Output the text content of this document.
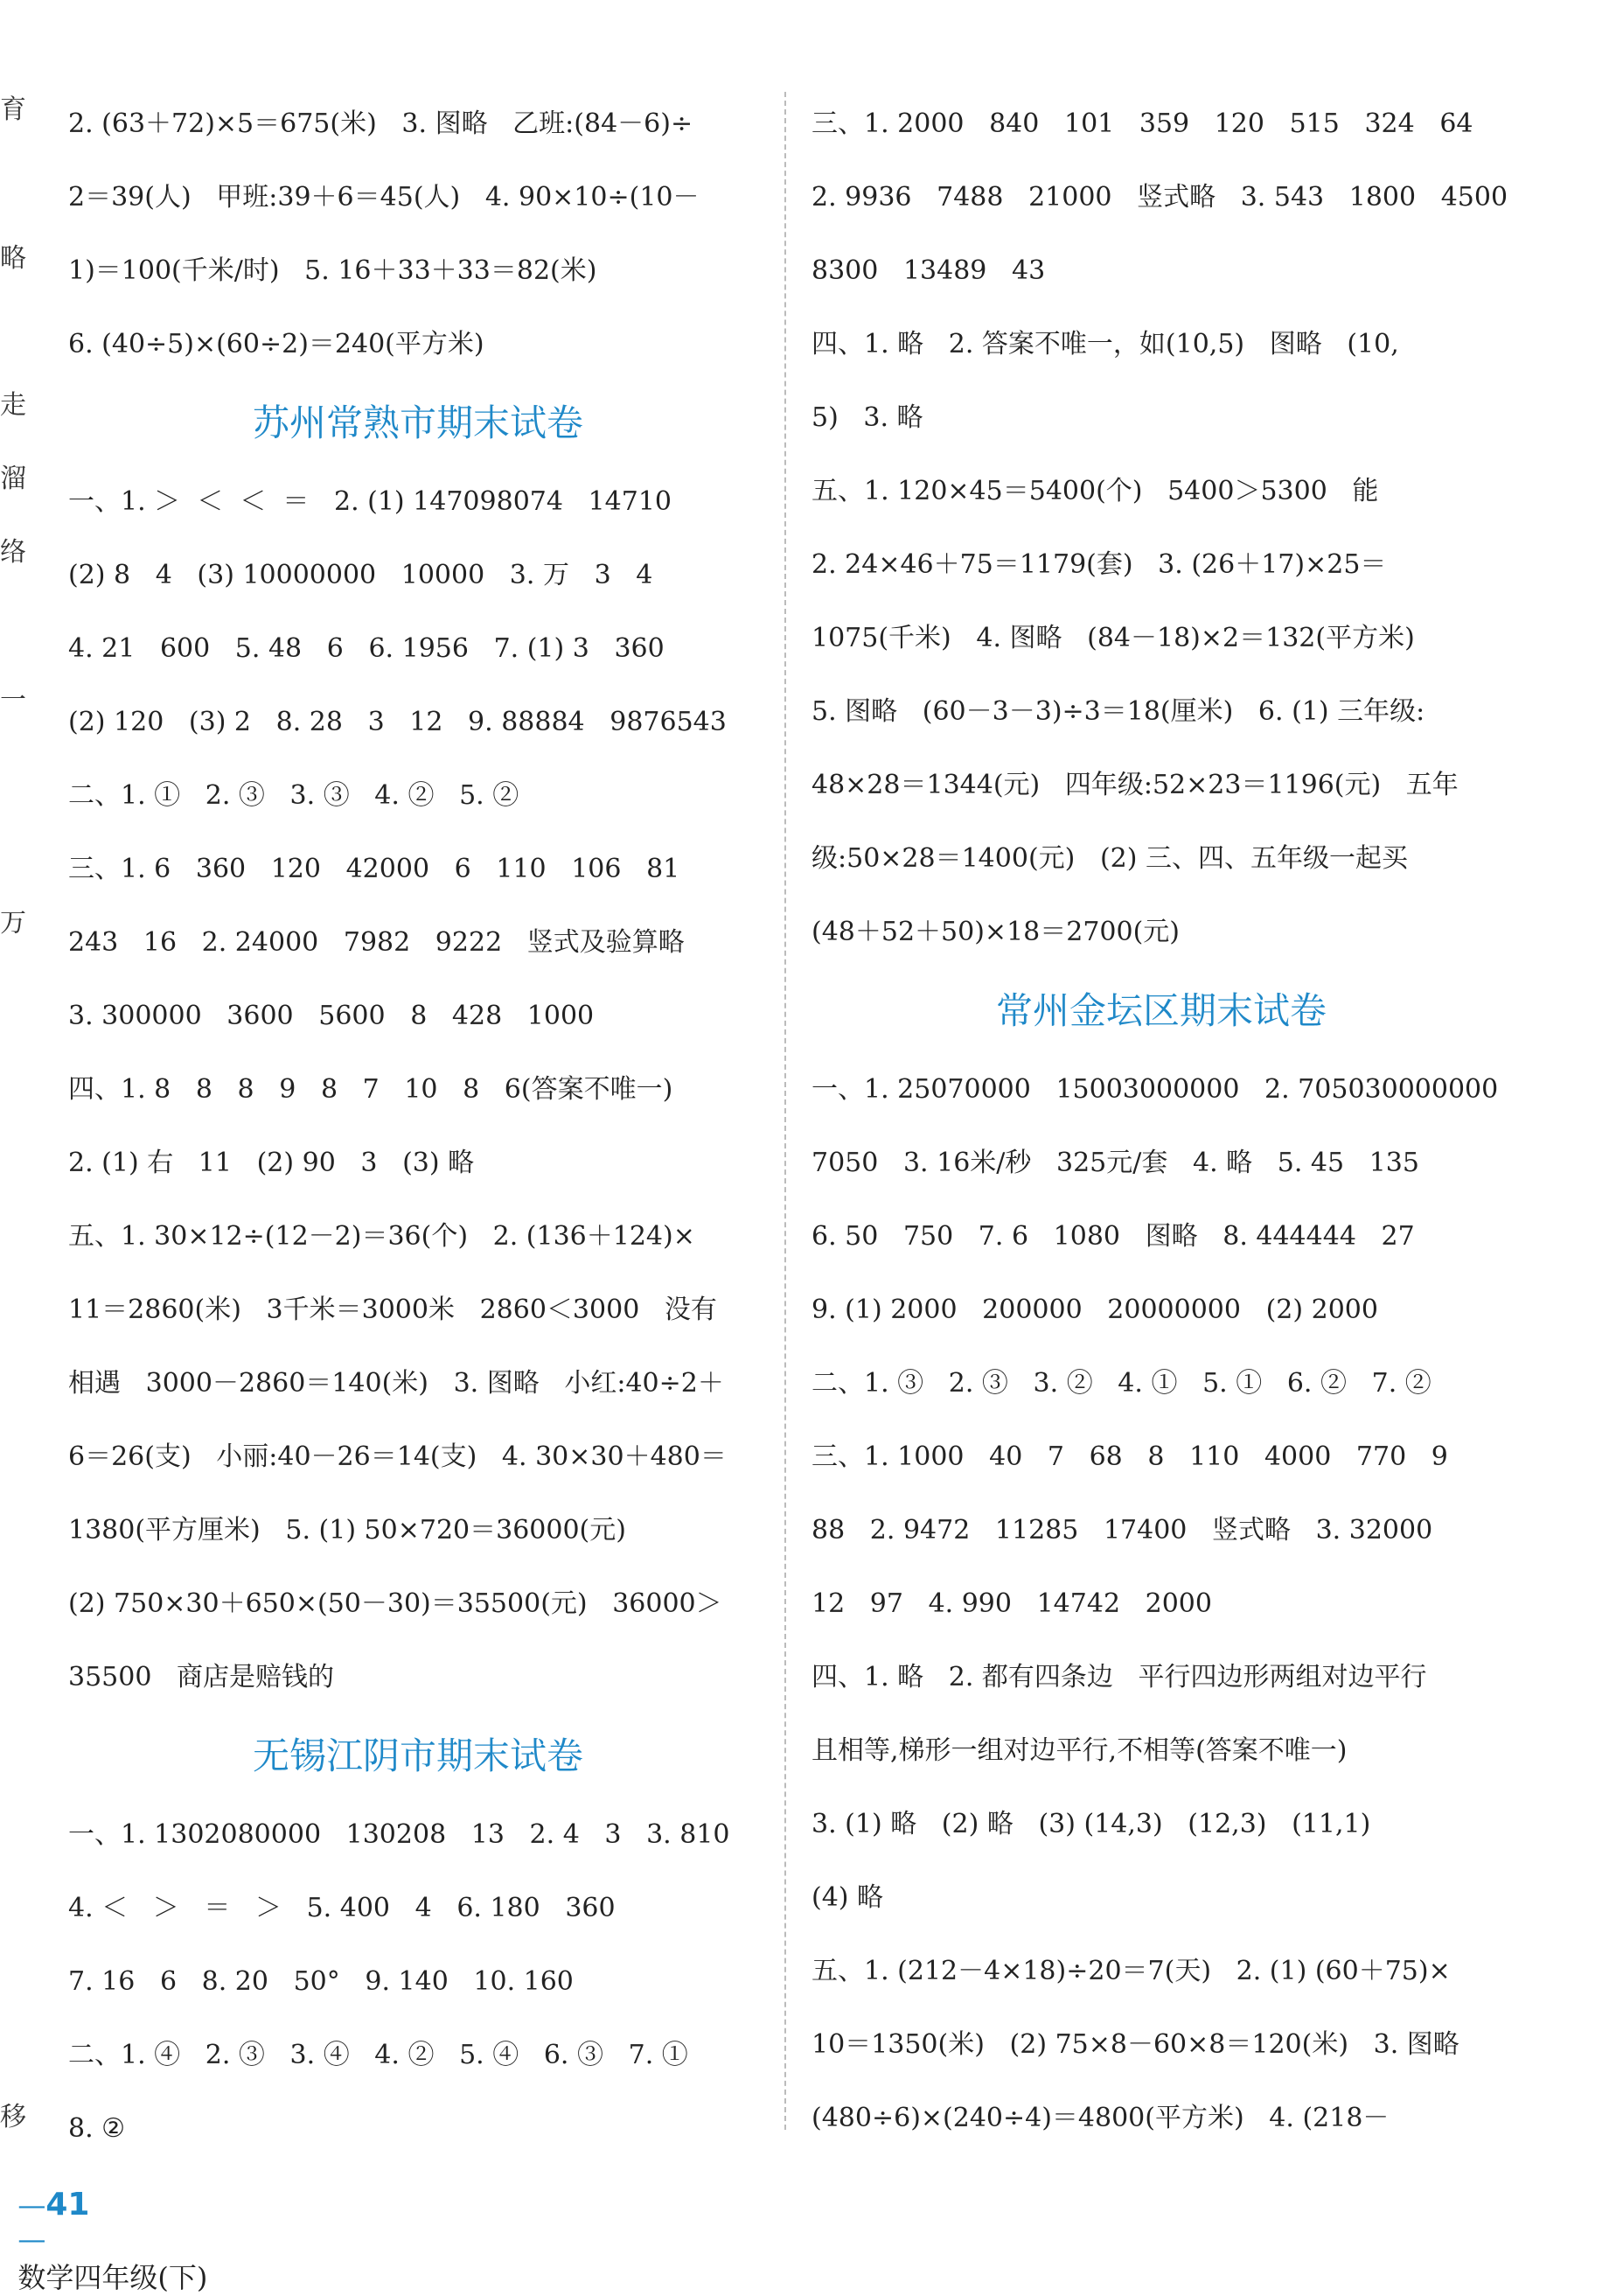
育
略
走
溜
络
一
万
移
2. (63＋72)×5＝675(米)   3. 图略   乙班:(84－6)÷
2＝39(人)   甲班:39＋6＝45(人)   4. 90×10÷(10－
1)＝100(千米/时)   5. 16＋33＋33＝82(米)
6. (40÷5)×(60÷2)＝240(平方米)
苏州常熟市期末试卷
一、1. ＞  ＜  ＜  ＝   2. (1) 147098074   14710
(2) 8   4   (3) 10000000   10000   3. 万   3   4
4. 21   600   5. 48   6   6. 1956   7. (1) 3   360
(2) 120   (3) 2   8. 28   3   12   9. 88884   9876543
二、1. ①   2. ③   3. ③   4. ②   5. ②
三、1. 6   360   120   42000   6   110   106   81
243   16   2. 24000   7982   9222   竖式及验算略
3. 300000   3600   5600   8   428   1000
四、1. 8   8   8   9   8   7   10   8   6(答案不唯一)
2. (1) 右   11   (2) 90   3   (3) 略
五、1. 30×12÷(12－2)＝36(个)   2. (136＋124)×
11＝2860(米)   3千米＝3000米   2860＜3000   没有
相遇   3000－2860＝140(米)   3. 图略   小红:40÷2＋
6＝26(支)   小丽:40－26＝14(支)   4. 30×30＋480＝
1380(平方厘米)   5. (1) 50×720＝36000(元)
(2) 750×30＋650×(50－30)＝35500(元)   36000＞
35500   商店是赔钱的
无锡江阴市期末试卷
一、1. 1302080000   130208   13   2. 4   3   3. 810
4. ＜   ＞   ＝   ＞   5. 400   4   6. 180   360
7. 16   6   8. 20   50°   9. 140   10. 160
二、1. ④   2. ③   3. ④   4. ②   5. ④   6. ③   7. ①
8. ②
三、1. 2000   840   101   359   120   515   324   64
2. 9936   7488   21000   竖式略   3. 543   1800   4500
8300   13489   43
四、1. 略   2. 答案不唯一，如(10,5)   图略   (10,
5)   3. 略
五、1. 120×45＝5400(个)   5400＞5300   能
2. 24×46＋75＝1179(套)   3. (26＋17)×25＝
1075(千米)   4. 图略   (84－18)×2＝132(平方米)
5. 图略   (60－3－3)÷3＝18(厘米)   6. (1) 三年级:
48×28＝1344(元)   四年级:52×23＝1196(元)   五年
级:50×28＝1400(元)   (2) 三、四、五年级一起买
(48＋52＋50)×18＝2700(元)
常州金坛区期末试卷
一、1. 25070000   15003000000   2. 705030000000
7050   3. 16米/秒   325元/套   4. 略   5. 45   135
6. 50   750   7. 6   1080   图略   8. 444444   27
9. (1) 2000   200000   20000000   (2) 2000
二、1. ③   2. ③   3. ②   4. ①   5. ①   6. ②   7. ②
三、1. 1000   40   7   68   8   110   4000   770   9
88   2. 9472   11285   17400   竖式略   3. 32000
12   97   4. 990   14742   2000
四、1. 略   2. 都有四条边   平行四边形两组对边平行
且相等,梯形一组对边平行,不相等(答案不唯一)
3. (1) 略   (2) 略   (3) (14,3)   (12,3)   (11,1)
(4) 略
五、1. (212－4×18)÷20＝7(天)   2. (1) (60＋75)×
10＝1350(米)   (2) 75×8－60×8＝120(米)   3. 图略
(480÷6)×(240÷4)＝4800(平方米)   4. (218－

—41
—
数学四年级(下)
